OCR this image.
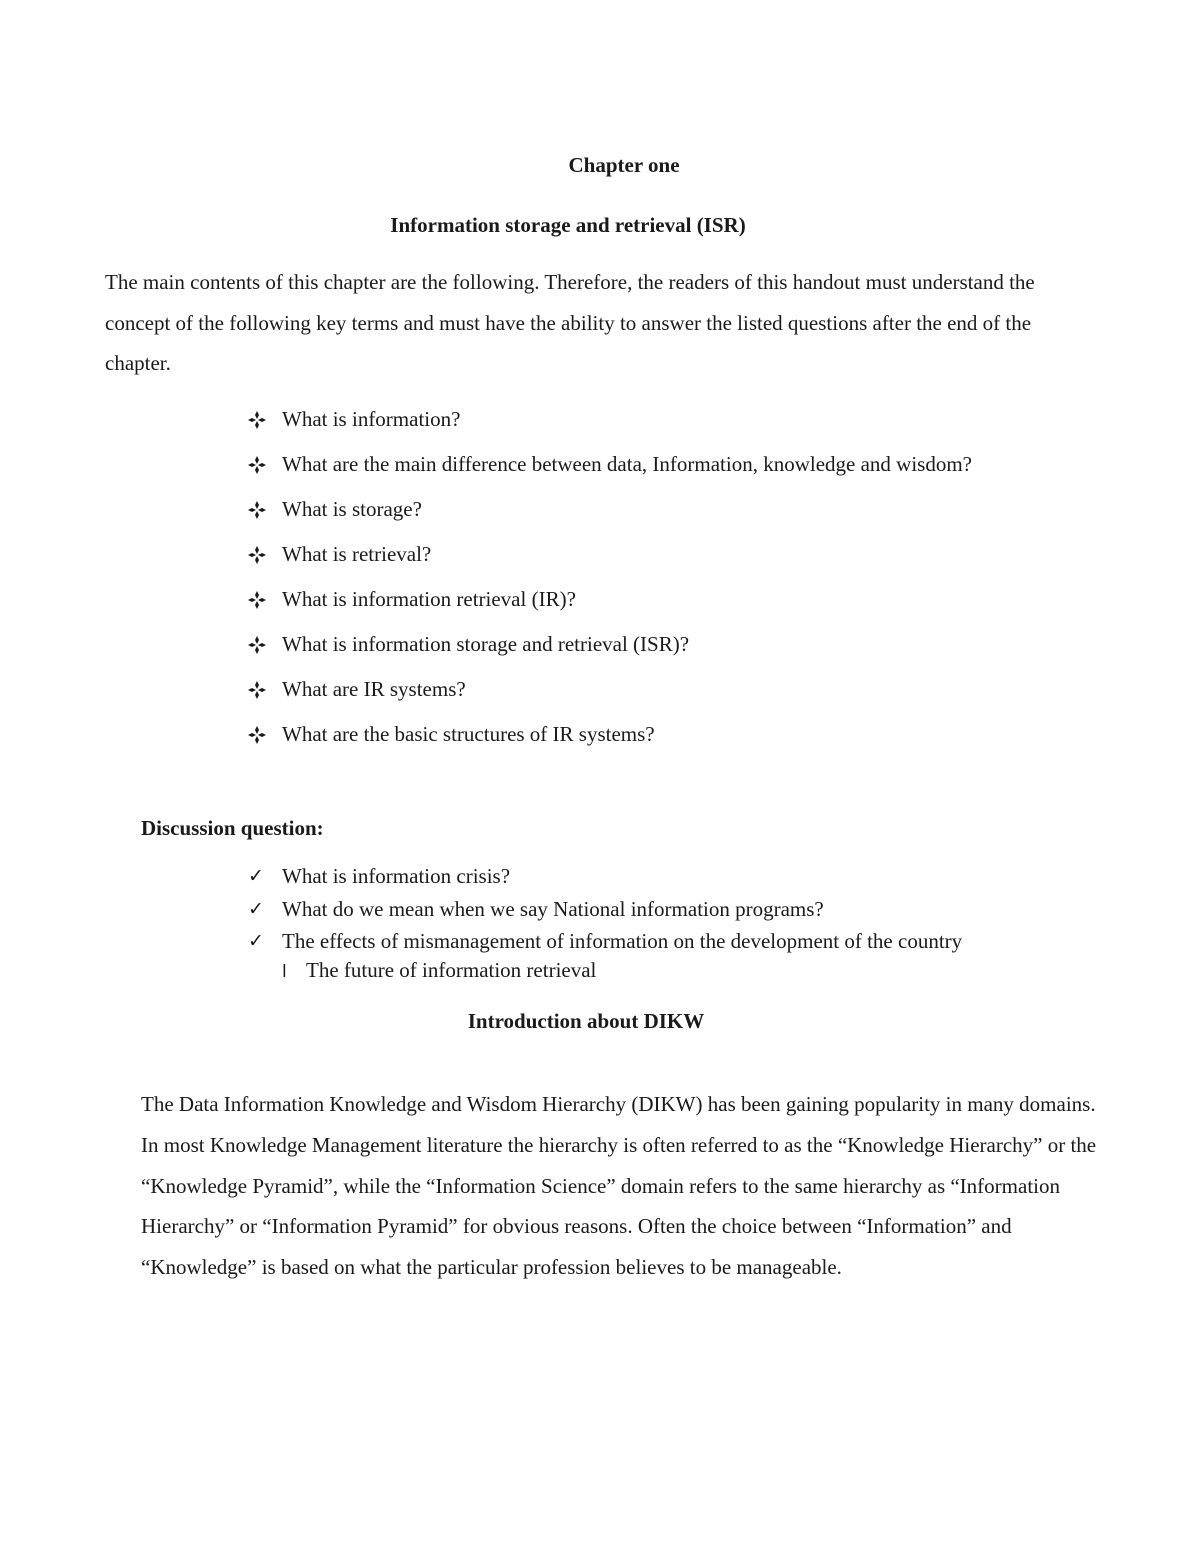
Chapter one
Information storage and retrieval (ISR)

The main contents of this chapter are the following. Therefore, the readers of this handout must understand the concept of the following key terms and must have the ability to answer the listed questions after the end of the chapter.

What is information?
What are the main difference between data, Information, knowledge and wisdom?
What is storage?
What is retrieval?
What is information retrieval (IR)?
What is information storage and retrieval (ISR)?
What are IR systems?
What are the basic structures of IR systems?

Discussion question:

✓ What is information crisis?
✓ What do we mean when we say National information programs?
✓ The effects of mismanagement of information on the development of the country
l The future of information retrieval
Introduction about DIKW

The Data Information Knowledge and Wisdom Hierarchy (DIKW) has been gaining popularity in many domains. In most Knowledge Management literature the hierarchy is often referred to as the “Knowledge Hierarchy” or the “Knowledge Pyramid”, while the “Information Science” domain refers to the same hierarchy as “Information Hierarchy” or “Information Pyramid” for obvious reasons. Often the choice between “Information” and “Knowledge” is based on what the particular profession believes to be manageable.
